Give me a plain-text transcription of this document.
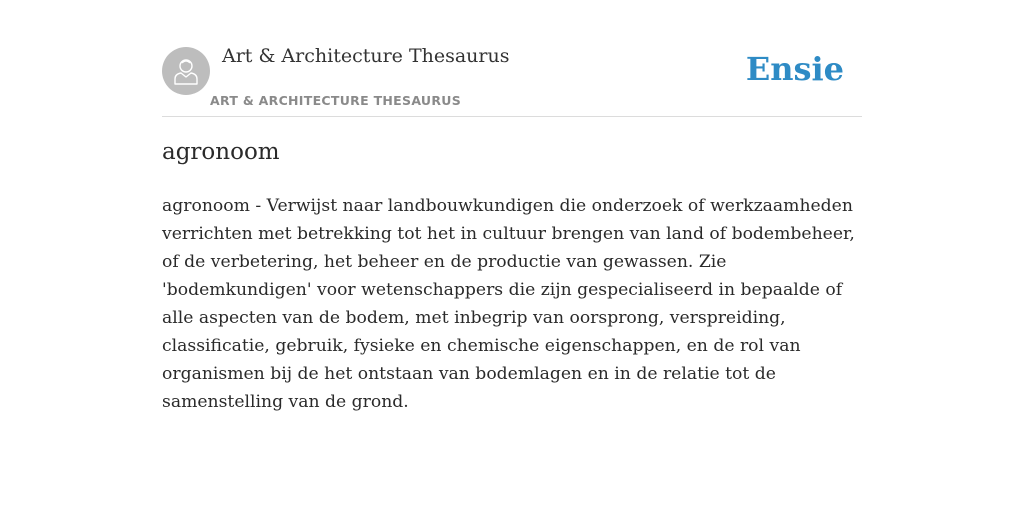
Art & Architecture Thesaurus
ART & ARCHITECTURE THESAURUS
Ensie
agronoom

agronoom - Verwijst naar landbouwkundigen die onderzoek of werkzaamheden verrichten met betrekking tot het in cultuur brengen van land of bodembeheer, of de verbetering, het beheer en de productie van gewassen. Zie 'bodemkundigen' voor wetenschappers die zijn gespecialiseerd in bepaalde of alle aspecten van de bodem, met inbegrip van oorsprong, verspreiding, classificatie, gebruik, fysieke en chemische eigenschappen, en de rol van organismen bij de het ontstaan van bodemlagen en in de relatie tot de samenstelling van de grond.
